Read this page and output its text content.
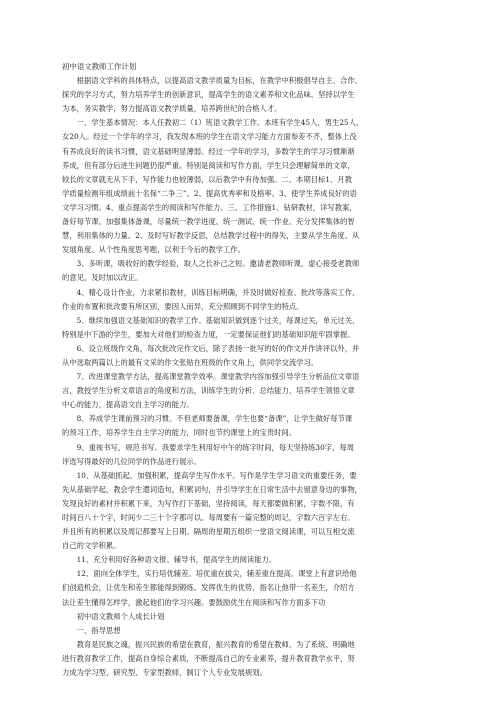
初中语文教师工作计划
　　根据语文学科的具体特点，以提高语文教学质量为目标，在教学中积极倡导自主、合作、
探究的学习方式，努力培养学生的创新意识，提高学生的语文素养和文化品味。坚持以学生
为本，务实教学，努力提高语文教学质量，培养跨世纪的合格人才。
　　一、学生基本情况：本人任教初二（1）班语文教学工作。本班有学生45人，男生25人，
女20人。经过一个学年的学习，我发现本班的学生在语文学习能力方面参差不齐，整体上没
有养成良好的读书习惯，语文基础明显薄弱。经过一学年的学习，多数学生的学习习惯渐渐
养成，但有部分后进生问题仍很严重。特别是阅读和写作方面，学生只会理解简单的文章，
较长的文章就无从下手，写作能力也较薄弱，以后教学中有待加强。二、本期目标1、月教
学质量检测年组成绩前十名保“二争三”。2、提高优秀率和及格率。3、使学生养成良好的语
文学习习惯。4、重点提高学生的阅读和写作能力。三、工作措施1、钻研教材，详写教案，
备好每节课。加强集体备课，尽量统一教学进度、统一测试、统一作业。充分发挥集体的智
慧，利用集体的力量。2、及时写好教学反思，总结教学过程中的得失，主要从学生角度、从
发展角度、从个性角度思考题，以利于今后的教学工作。
　　3、多听课，吸收好的教学经验，取人之长补己之短。邀请老教师听课，虚心接受老教师
的意见，及时加以改正。
　　4、精心设计作业，力求紧扣教材，训练目标明确，并及时做好检查、批改等落实工作、
作业的布置和批改要有所区别，要因人而异，充分照顾到不同学生的特点。
　　5、继续加强语文基础知识的教学工作。基础知识做到逐个过关，每课过关，单元过关，
特别是中下游的学生，要加大对他们的检查力度，一定要保证他们的基础知识能牢固掌握。
　　6、设立班级作文角，每次批改完作文后，除了表扬一批写的好的作文并作讲评以外，并
从中选取两篇以上的最有文采的作文张贴在班级的作文角上，供同学交流学习。
　　7、改进课堂教学方法，提高课堂教学效率。课堂教学内容加强引导学生分析品位文章语
言，教授学生分析文章语言的角度和方法，训练学生的分析、总结能力，培养学生领悟文章
中心的能力，提高语文自主学习的能力。
　　8、养成学生课前预习的习惯。不但老师要备课，学生也要“备课”，让学生做好每节课
的预习工作，培养学生自主学习的能力，同时也节约课堂上的宝贵时间。
　　9、重视书写，规范书写。我要求学生利用好中午的练字时间，每天坚持练30字，每周
评选写得最好的几位同学的作品进行展示。
　　10、从基础抓起，加强积累，提高学生写作水平。写作是学生学习语文的重要任务，要
先从基础学起，教会学生遣词造句，积累词句，并引导学生在日常生活中去留意身边的事物，
发现良好的素材并积累下来，为写作打下基础，坚持阅读，每天都要做积累，字数不限，有
时间百八十个字，时间少二三十个字都可以。每周要有一篇完整的周记，字数六百字左右。
并且所有的积累以及周记都要写上日期。隔周的星期五组织一堂语文阅读课，可以互相交流
自己的文学积累。
　　11、充分利用好各种语文报、辅导书，提高学生的阅读能力。
　　12、面向全体学生，实行培优辅差。培优重在拔尖，辅差重在提高。课堂上有意识给他
们创造机会，让优生和差生都能得到锻炼。发挥优生的优势，指名让他带一名差生，介绍方
法让差生懂得怎样学，激起他们的学习兴趣。要鼓励优生在阅读和写作方面多下功
　　初中语文教师个人成长计划
　　一、指导思想
　　教育是民族之魂，振兴民族的希望在教育，振兴教育的希望在教师。为了系统、明确地
进行教育教学工作，提高自身综合素质，不断提高自己的专业素养，提升教育教学水平，努
力成为学习型、研究型、专家型教师，制订个人专业发展规划。
